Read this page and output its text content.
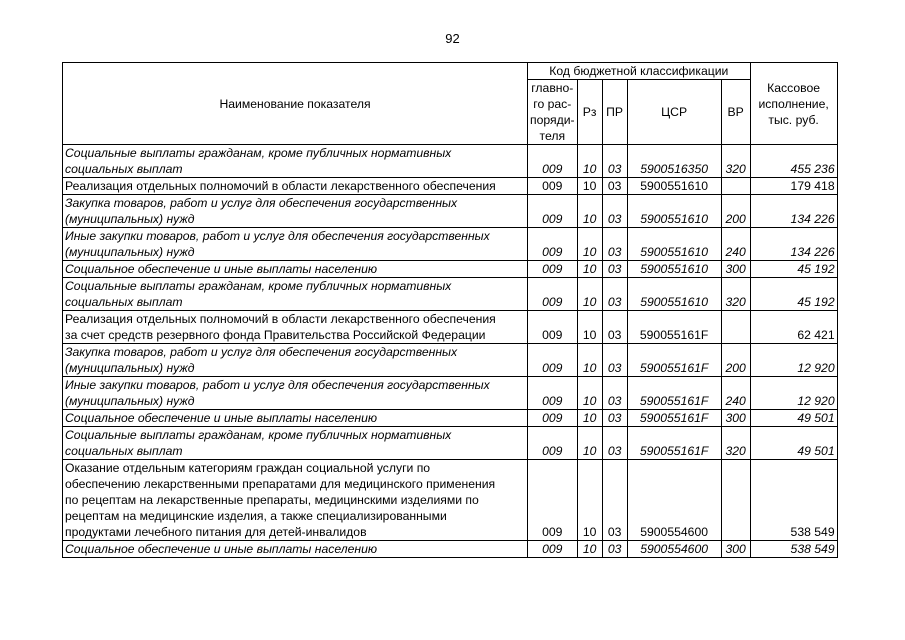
92
Наименование показателя	Код бюджетной классификации					Кассовое
исполнение,
тыс. руб.

	главно-
го рас-
поряди-
теля	Рз	ПР	ЦСР	ВР	

Социальные выплаты гражданам, кроме публичных нормативных
социальных выплат	009	10	03	5900516350	320	455 236

Реализация отдельных полномочий в области лекарственного обеспечения	009	10	03	5900551610		179 418

Закупка товаров, работ и услуг для обеспечения государственных
(муниципальных) нужд	009	10	03	5900551610	200	134 226

Иные закупки товаров, работ и услуг для обеспечения государственных
(муниципальных) нужд	009	10	03	5900551610	240	134 226

Социальное обеспечение и иные выплаты населению	009	10	03	5900551610	300	45 192

Социальные выплаты гражданам, кроме публичных нормативных
социальных выплат	009	10	03	5900551610	320	45 192

Реализация отдельных полномочий в области лекарственного обеспечения
за счет средств резервного фонда Правительства Российской Федерации	009	10	03	590055161F		62 421

Закупка товаров, работ и услуг для обеспечения государственных
(муниципальных) нужд	009	10	03	590055161F	200	12 920

Иные закупки товаров, работ и услуг для обеспечения государственных
(муниципальных) нужд	009	10	03	590055161F	240	12 920

Социальное обеспечение и иные выплаты населению	009	10	03	590055161F	300	49 501

Социальные выплаты гражданам, кроме публичных нормативных
социальных выплат	009	10	03	590055161F	320	49 501

Оказание отдельным категориям граждан социальной услуги по
обеспечению лекарственными препаратами для медицинского применения
по рецептам на лекарственные препараты, медицинскими изделиями по
рецептам на медицинские изделия, а также специализированными
продуктами лечебного питания для детей-инвалидов	009	10	03	5900554600		538 549

Социальное обеспечение и иные выплаты населению	009	10	03	5900554600	300	538 549
